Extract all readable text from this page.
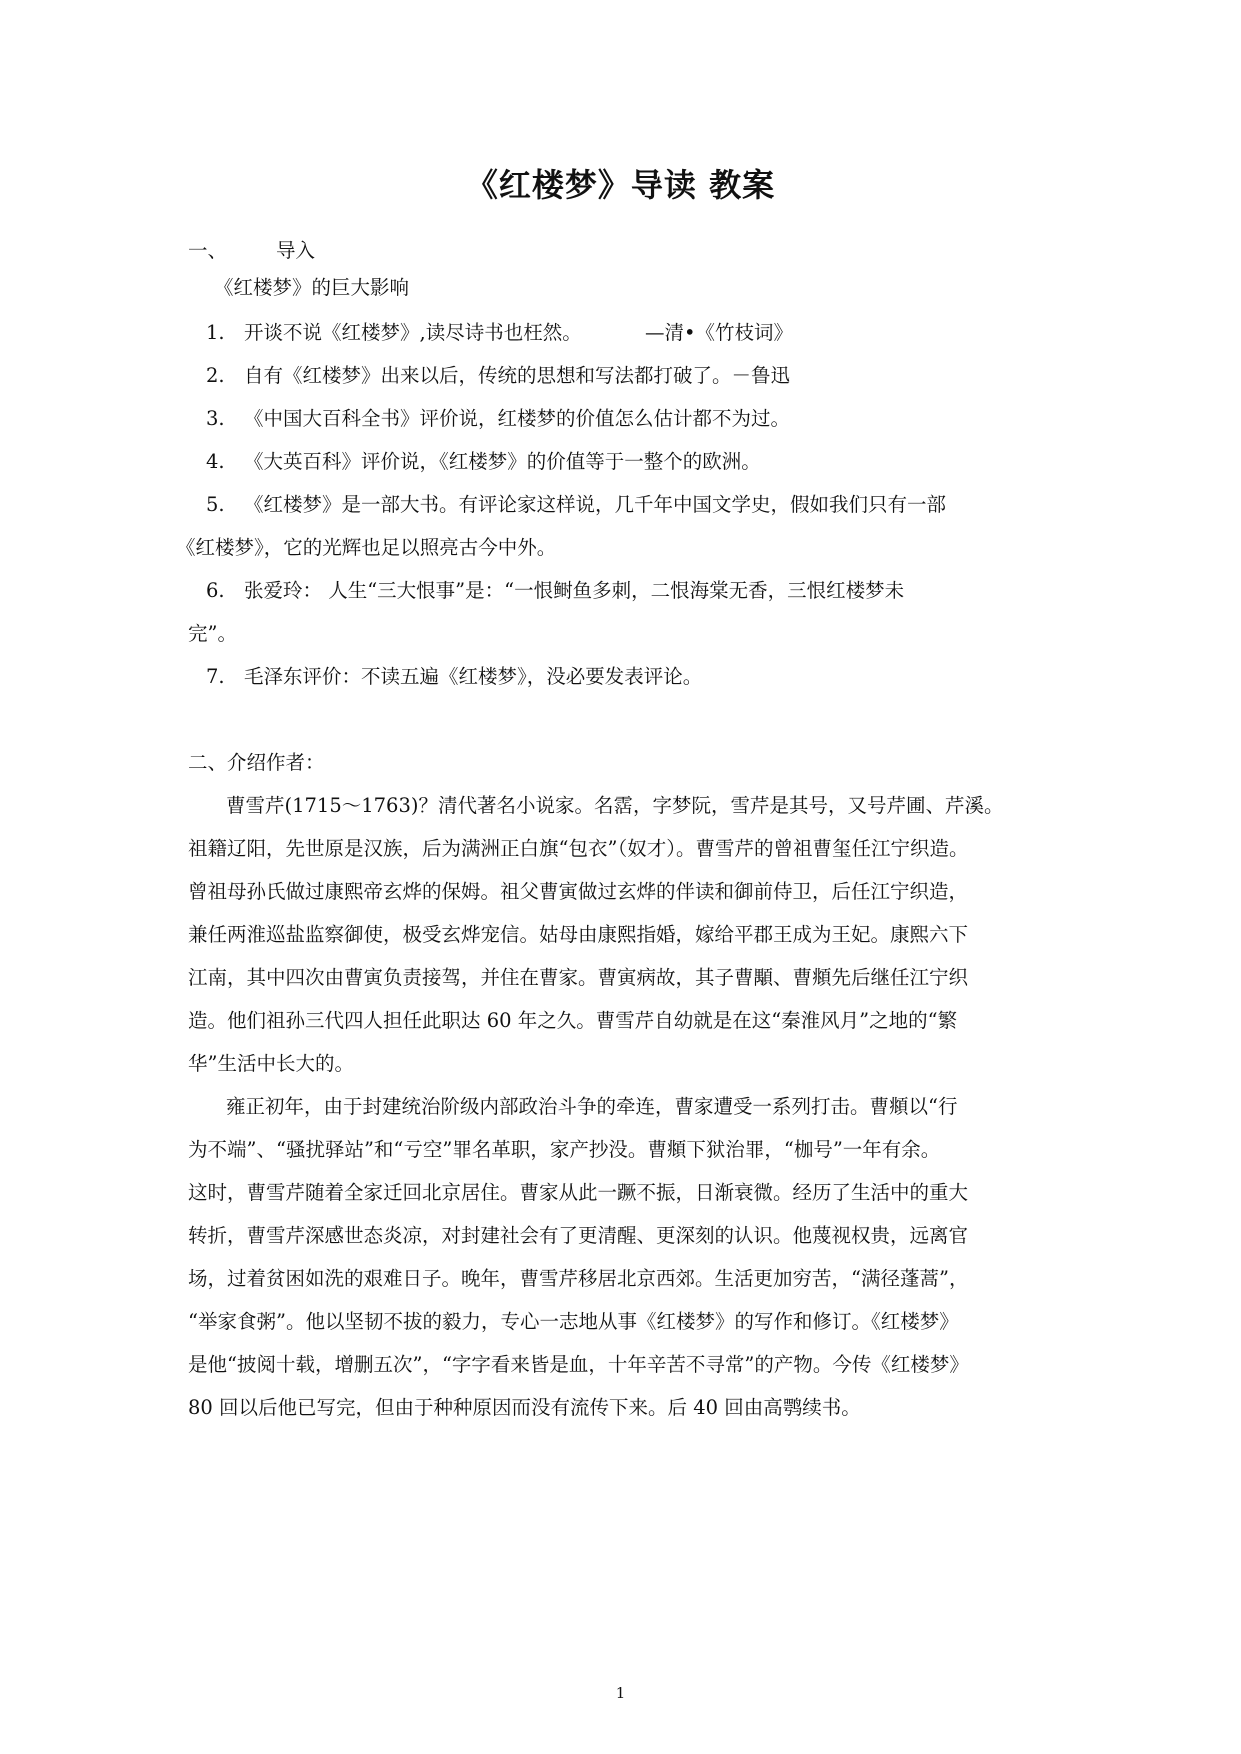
《红楼梦》导读 教案
一、	导入
《红楼梦》的巨大影响
1. 开谈不说《红楼梦》,读尽诗书也枉然。	—清•《竹枝词》
2. 自有《红楼梦》出来以后，传统的思想和写法都打破了。－鲁迅
3. 《中国大百科全书》评价说，红楼梦的价值怎么估计都不为过。
4. 《大英百科》评价说，《红楼梦》的价值等于一整个的欧洲。
5. 《红楼梦》是一部大书。有评论家这样说，几千年中国文学史，假如我们只有一部
《红楼梦》，它的光辉也足以照亮古今中外。
6. 张爱玲： 人生“三大恨事”是：“一恨鲥鱼多刺，二恨海棠无香，三恨红楼梦未
完”。
7. 毛泽东评价：不读五遍《红楼梦》，没必要发表评论。
二、介绍作者：
曹雪芹(1715～1763)？清代著名小说家。名霑，字梦阮，雪芹是其号，又号芹圃、芹溪。
祖籍辽阳，先世原是汉族，后为满洲正白旗“包衣”（奴才）。曹雪芹的曾祖曹玺任江宁织造。
曾祖母孙氏做过康熙帝玄烨的保姆。祖父曹寅做过玄烨的伴读和御前侍卫，后任江宁织造，
兼任两淮巡盐监察御使，极受玄烨宠信。姑母由康熙指婚，嫁给平郡王成为王妃。康熙六下
江南，其中四次由曹寅负责接驾，并住在曹家。曹寅病故，其子曹顒、曹頫先后继任江宁织
造。他们祖孙三代四人担任此职达 60 年之久。曹雪芹自幼就是在这“秦淮风月”之地的“繁
华”生活中长大的。
雍正初年，由于封建统治阶级内部政治斗争的牵连，曹家遭受一系列打击。曹頫以“行
为不端”、“骚扰驿站”和“亏空”罪名革职，家产抄没。曹頫下狱治罪，“枷号”一年有余。
这时，曹雪芹随着全家迁回北京居住。曹家从此一蹶不振，日渐衰微。经历了生活中的重大
转折，曹雪芹深感世态炎凉，对封建社会有了更清醒、更深刻的认识。他蔑视权贵，远离官
场，过着贫困如洗的艰难日子。晚年，曹雪芹移居北京西郊。生活更加穷苦，“满径蓬蒿”，
“举家食粥”。他以坚韧不拔的毅力，专心一志地从事《红楼梦》的写作和修订。《红楼梦》
是他“披阅十载，增删五次”，“字字看来皆是血，十年辛苦不寻常”的产物。今传《红楼梦》
80 回以后他已写完，但由于种种原因而没有流传下来。后 40 回由高鹗续书。
1
